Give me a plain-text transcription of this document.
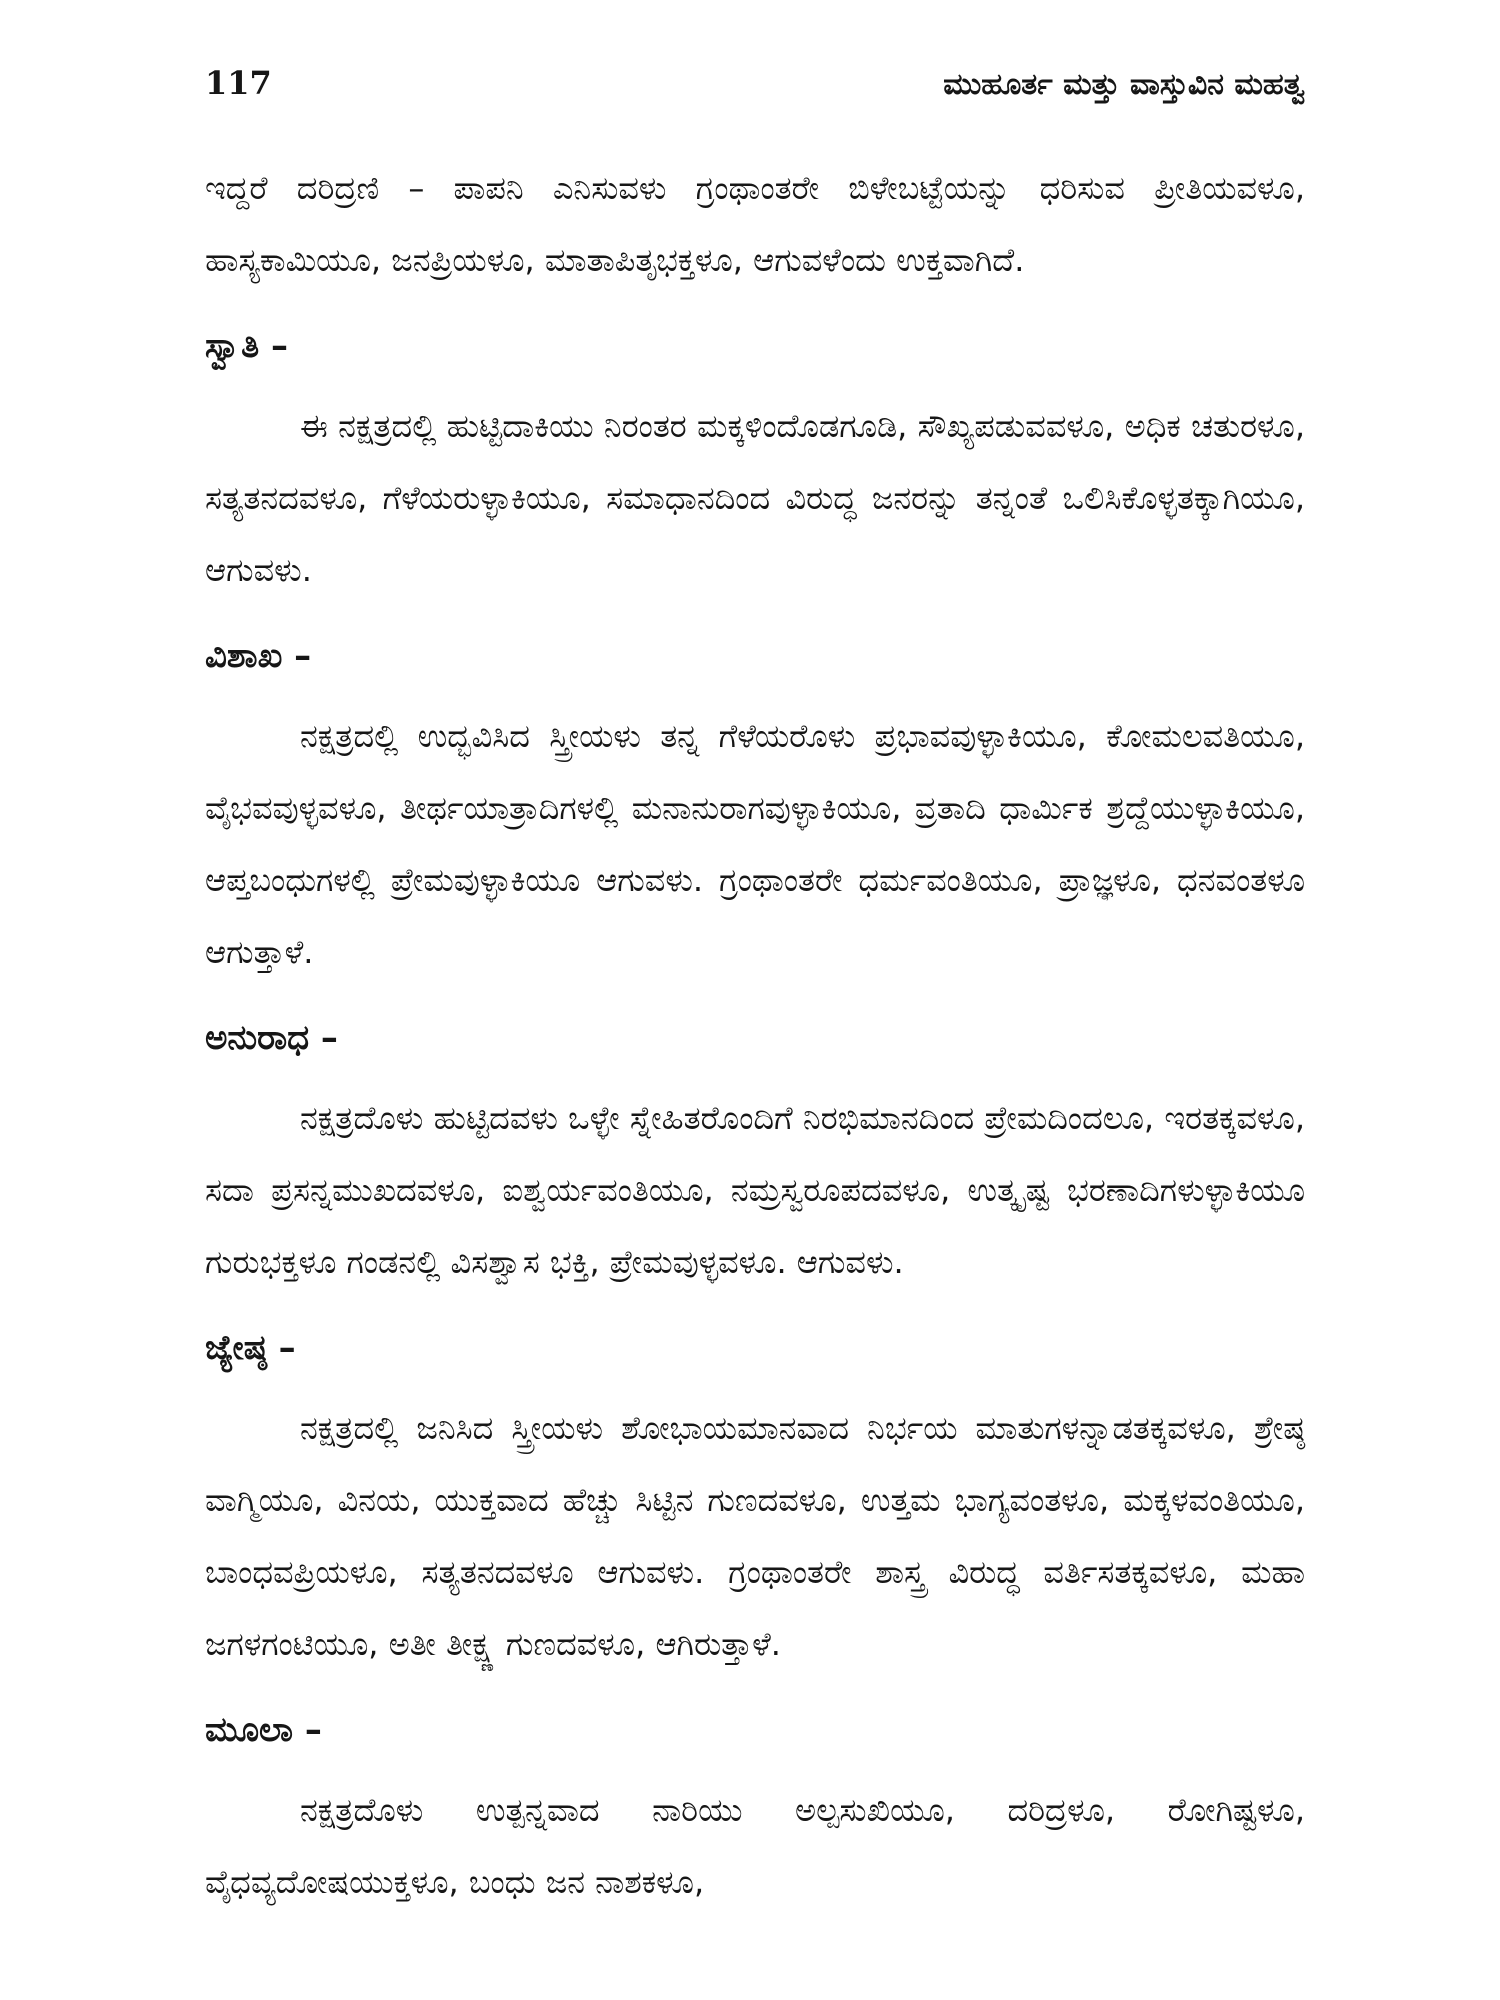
117	ಮುಹೂರ್ತ ಮತ್ತು ವಾಸ್ತುವಿನ ಮಹತ್ವ

ಇದ್ದರೆ ದರಿದ್ರಣಿ – ಪಾಪನಿ ಎನಿಸುವಳು ಗ್ರಂಥಾಂತರೇ ಬಿಳೇಬಟ್ಟೆಯನ್ನು ಧರಿಸುವ ಪ್ರೀತಿಯವಳೂ, ಹಾಸ್ಯಕಾಮಿಯೂ, ಜನಪ್ರಿಯಳೂ, ಮಾತಾಪಿತೃಭಕ್ತಳೂ, ಆಗುವಳೆಂದು ಉಕ್ತವಾಗಿದೆ.

ಸ್ವಾತಿ –

ಈ ನಕ್ಷತ್ರದಲ್ಲಿ ಹುಟ್ಟಿದಾಕಿಯು ನಿರಂತರ ಮಕ್ಕಳಿಂದೊಡಗೂಡಿ, ಸೌಖ್ಯಪಡುವವಳೂ, ಅಧಿಕ ಚತುರಳೂ, ಸತ್ಯತನದವಳೂ, ಗೆಳೆಯರುಳ್ಳಾಕಿಯೂ, ಸಮಾಧಾನದಿಂದ ವಿರುದ್ಧ ಜನರನ್ನು ತನ್ನಂತೆ ಒಲಿಸಿಕೊಳ್ಳತಕ್ಕಾಗಿಯೂ, ಆಗುವಳು.

ವಿಶಾಖ –

ನಕ್ಷತ್ರದಲ್ಲಿ ಉದ್ಭವಿಸಿದ ಸ್ತ್ರೀಯಳು ತನ್ನ ಗೆಳೆಯರೊಳು ಪ್ರಭಾವವುಳ್ಳಾಕಿಯೂ, ಕೋಮಲವತಿಯೂ, ವೈಭವವುಳ್ಳವಳೂ, ತೀರ್ಥಯಾತ್ರಾದಿಗಳಲ್ಲಿ ಮನಾನುರಾಗವುಳ್ಳಾಕಿಯೂ, ವ್ರತಾದಿ ಧಾರ್ಮಿಕ ಶ್ರದ್ದೆಯುಳ್ಳಾಕಿಯೂ, ಆಪ್ತಬಂಧುಗಳಲ್ಲಿ ಪ್ರೇಮವುಳ್ಳಾಕಿಯೂ ಆಗುವಳು. ಗ್ರಂಥಾಂತರೇ ಧರ್ಮವಂತಿಯೂ, ಪ್ರಾಜ್ಞಳೂ, ಧನವಂತಳೂ ಆಗುತ್ತಾಳೆ.

ಅನುರಾಧ –

ನಕ್ಷತ್ರದೊಳು ಹುಟ್ಟಿದವಳು ಒಳ್ಳೇ ಸ್ನೇಹಿತರೊಂದಿಗೆ ನಿರಭಿಮಾನದಿಂದ ಪ್ರೇಮದಿಂದಲೂ, ಇರತಕ್ಕವಳೂ, ಸದಾ ಪ್ರಸನ್ನಮುಖದವಳೂ, ಐಶ್ವರ್ಯವಂತಿಯೂ, ನಮ್ರಸ್ವರೂಪದವಳೂ, ಉತ್ಕೃಷ್ಟ ಭರಣಾದಿಗಳುಳ್ಳಾಕಿಯೂ ಗುರುಭಕ್ತಳೂ ಗಂಡನಲ್ಲಿ ವಿಸಶ್ವಾಸ ಭಕ್ತಿ, ಪ್ರೇಮವುಳ್ಳವಳೂ. ಆಗುವಳು.

ಜ್ಯೇಷ್ಠ –

ನಕ್ಷತ್ರದಲ್ಲಿ ಜನಿಸಿದ ಸ್ತ್ರೀಯಳು ಶೋಭಾಯಮಾನವಾದ ನಿರ್ಭಯ ಮಾತುಗಳನ್ನಾಡತಕ್ಕವಳೂ, ಶ್ರೇಷ್ಠ ವಾಗ್ಮಿಯೂ, ವಿನಯ, ಯುಕ್ತವಾದ ಹೆಚ್ಚು ಸಿಟ್ಟಿನ ಗುಣದವಳೂ, ಉತ್ತಮ ಭಾಗ್ಯವಂತಳೂ, ಮಕ್ಕಳವಂತಿಯೂ, ಬಾಂಧವಪ್ರಿಯಳೂ, ಸತ್ಯತನದವಳೂ ಆಗುವಳು. ಗ್ರಂಥಾಂತರೇ ಶಾಸ್ತ್ರ ವಿರುದ್ಧ ವರ್ತಿಸತಕ್ಕವಳೂ, ಮಹಾ ಜಗಳಗಂಟಿಯೂ, ಅತೀ ತೀಕ್ಷ್ಣ ಗುಣದವಳೂ, ಆಗಿರುತ್ತಾಳೆ.

ಮೂಲಾ –

ನಕ್ಷತ್ರದೊಳು ಉತ್ಪನ್ನವಾದ ನಾರಿಯು ಅಲ್ಪಸುಖಿಯೂ, ದರಿದ್ರಳೂ, ರೋಗಿಷ್ಟಳೂ, ವೈಧವ್ಯದೋಷಯುಕ್ತಳೂ, ಬಂಧು ಜನ ನಾಶಕಳೂ,
